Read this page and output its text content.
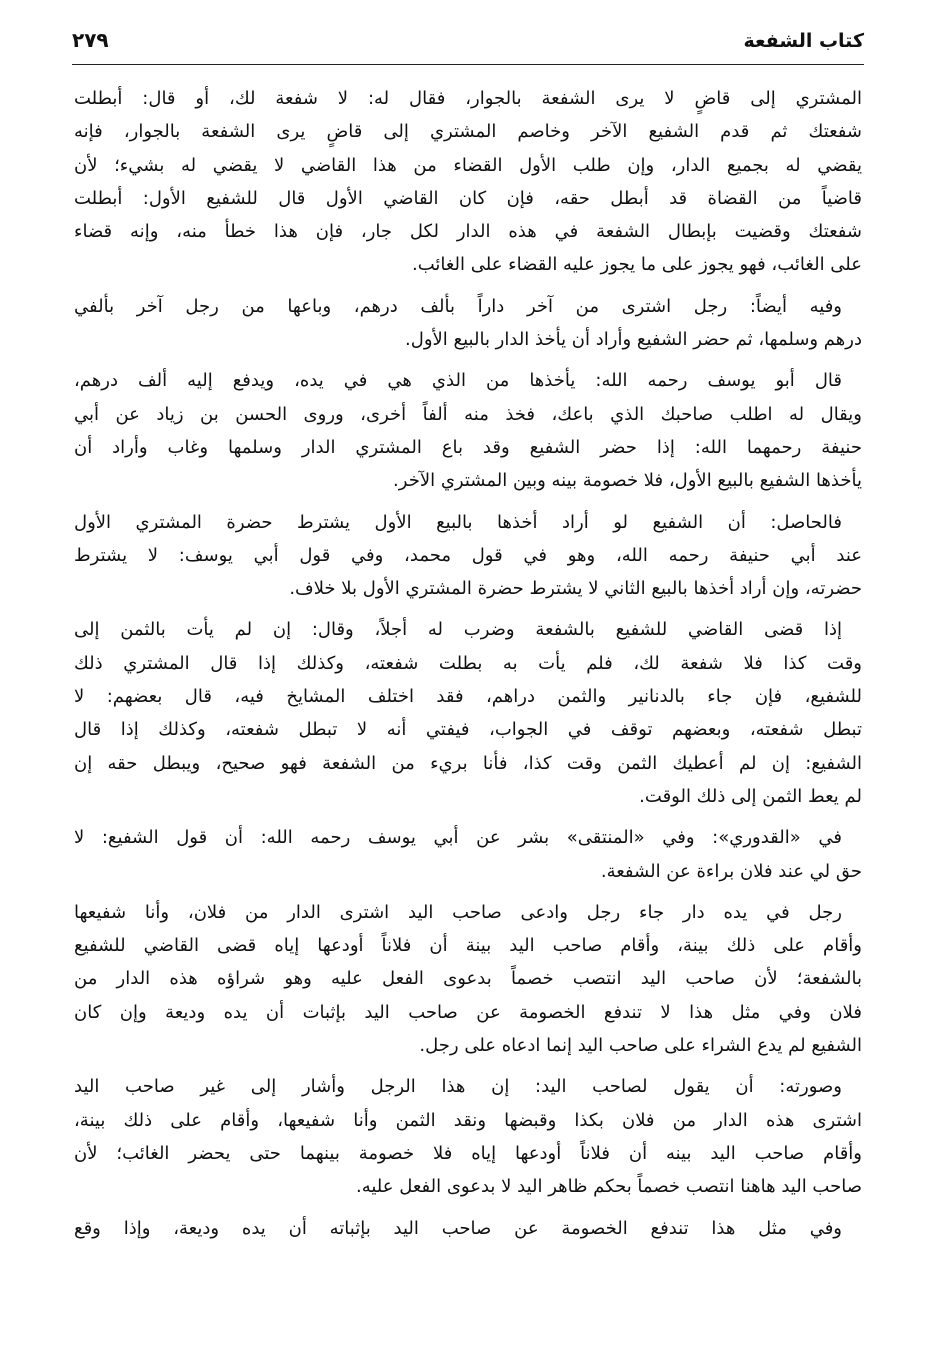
كتاب الشفعة
٢٧٩
المشتري إلى قاضٍ لا يرى الشفعة بالجوار، فقال له: لا شفعة لك، أو قال: أبطلت
شفعتك ثم قدم الشفيع الآخر وخاصم المشتري إلى قاضٍ يرى الشفعة بالجوار، فإنه
يقضي له بجميع الدار، وإن طلب الأول القضاء من هذا القاضي لا يقضي له بشيء؛ لأن
قاضياً من القضاة قد أبطل حقه، فإن كان القاضي الأول قال للشفيع الأول: أبطلت
شفعتك وقضيت بإبطال الشفعة في هذه الدار لكل جار، فإن هذا خطأ منه، وإنه قضاء
على الغائب، فهو يجوز على ما يجوز عليه القضاء على الغائب.
وفيه أيضاً: رجل اشترى من آخر داراً بألف درهم، وباعها من رجل آخر بألفي
درهم وسلمها، ثم حضر الشفيع وأراد أن يأخذ الدار بالبيع الأول.
قال أبو يوسف رحمه الله: يأخذها من الذي هي في يده، ويدفع إليه ألف درهم،
ويقال له اطلب صاحبك الذي باعك، فخذ منه ألفاً أخرى، وروى الحسن بن زياد عن أبي
حنيفة رحمهما الله: إذا حضر الشفيع وقد باع المشتري الدار وسلمها وغاب وأراد أن
يأخذها الشفيع بالبيع الأول، فلا خصومة بينه وبين المشتري الآخر.
فالحاصل: أن الشفيع لو أراد أخذها بالبيع الأول يشترط حضرة المشتري الأول
عند أبي حنيفة رحمه الله، وهو في قول محمد، وفي قول أبي يوسف: لا يشترط
حضرته، وإن أراد أخذها بالبيع الثاني لا يشترط حضرة المشتري الأول بلا خلاف.
إذا قضى القاضي للشفيع بالشفعة وضرب له أجلاً، وقال: إن لم يأت بالثمن إلى
وقت كذا فلا شفعة لك، فلم يأت به بطلت شفعته، وكذلك إذا قال المشتري ذلك
للشفيع، فإن جاء بالدنانير والثمن دراهم، فقد اختلف المشايخ فيه، قال بعضهم: لا
تبطل شفعته، وبعضهم توقف في الجواب، فيفتي أنه لا تبطل شفعته، وكذلك إذا قال
الشفيع: إن لم أعطيك الثمن وقت كذا، فأنا بريء من الشفعة فهو صحيح، ويبطل حقه إن
لم يعط الثمن إلى ذلك الوقت.
في «القدوري»: وفي «المنتقى» بشر عن أبي يوسف رحمه الله: أن قول الشفيع: لا
حق لي عند فلان براءة عن الشفعة.
رجل في يده دار جاء رجل وادعى صاحب اليد اشترى الدار من فلان، وأنا شفيعها
وأقام على ذلك بينة، وأقام صاحب اليد بينة أن فلاناً أودعها إياه قضى القاضي للشفيع
بالشفعة؛ لأن صاحب اليد انتصب خصماً بدعوى الفعل عليه وهو شراؤه هذه الدار من
فلان وفي مثل هذا لا تندفع الخصومة عن صاحب اليد بإثبات أن يده وديعة وإن كان
الشفيع لم يدع الشراء على صاحب اليد إنما ادعاه على رجل.
وصورته: أن يقول لصاحب اليد: إن هذا الرجل وأشار إلى غير صاحب اليد
اشترى هذه الدار من فلان بكذا وقبضها ونقد الثمن وأنا شفيعها، وأقام على ذلك بينة،
وأقام صاحب اليد بينه أن فلاناً أودعها إياه فلا خصومة بينهما حتى يحضر الغائب؛ لأن
صاحب اليد هاهنا انتصب خصماً بحكم ظاهر اليد لا بدعوى الفعل عليه.
وفي مثل هذا تندفع الخصومة عن صاحب اليد بإثباته أن يده وديعة، وإذا وقع
